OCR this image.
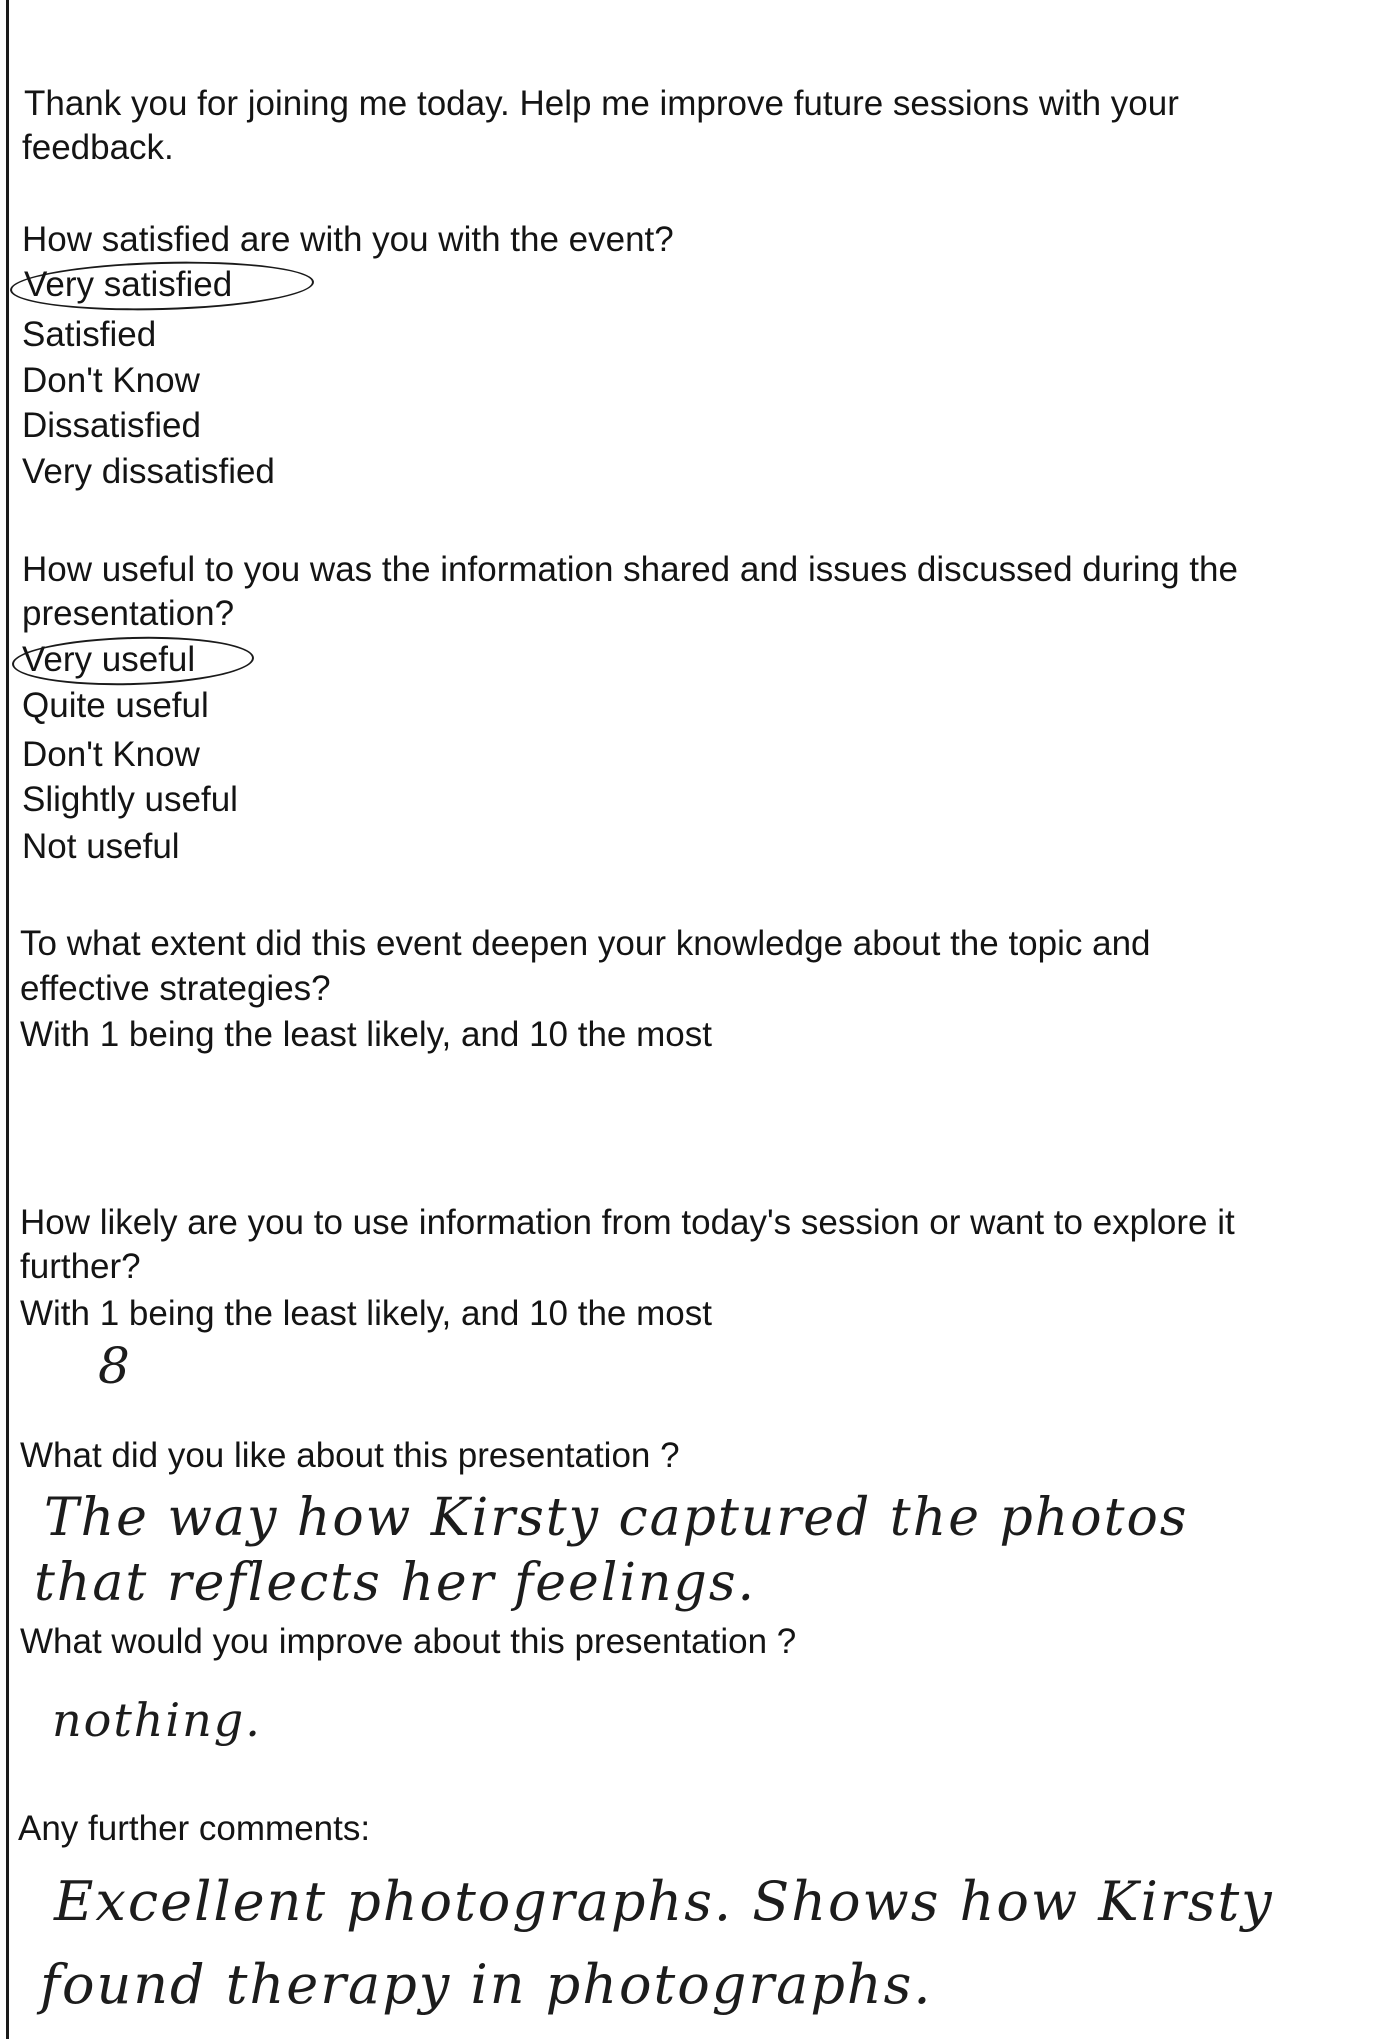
Thank you for joining me today. Help me improve future sessions with your
feedback.
How satisfied are with you with the event?
Very satisfied
Satisfied
Don't Know
Dissatisfied
Very dissatisfied
How useful to you was the information shared and issues discussed during the
presentation?
Very useful
Quite useful
Don't Know
Slightly useful
Not useful
To what extent did this event deepen your knowledge about the topic and
effective strategies?
With 1 being the least likely, and 10 the most
How likely are you to use information from today's session or want to explore it
further?
With 1 being the least likely, and 10 the most
8
What did you like about this presentation ?
The way how Kirsty captured the photos
that reflects her feelings.
What would you improve about this presentation ?
nothing.
Any further comments:
Excellent photographs. Shows how Kirsty
found therapy in photographs.
